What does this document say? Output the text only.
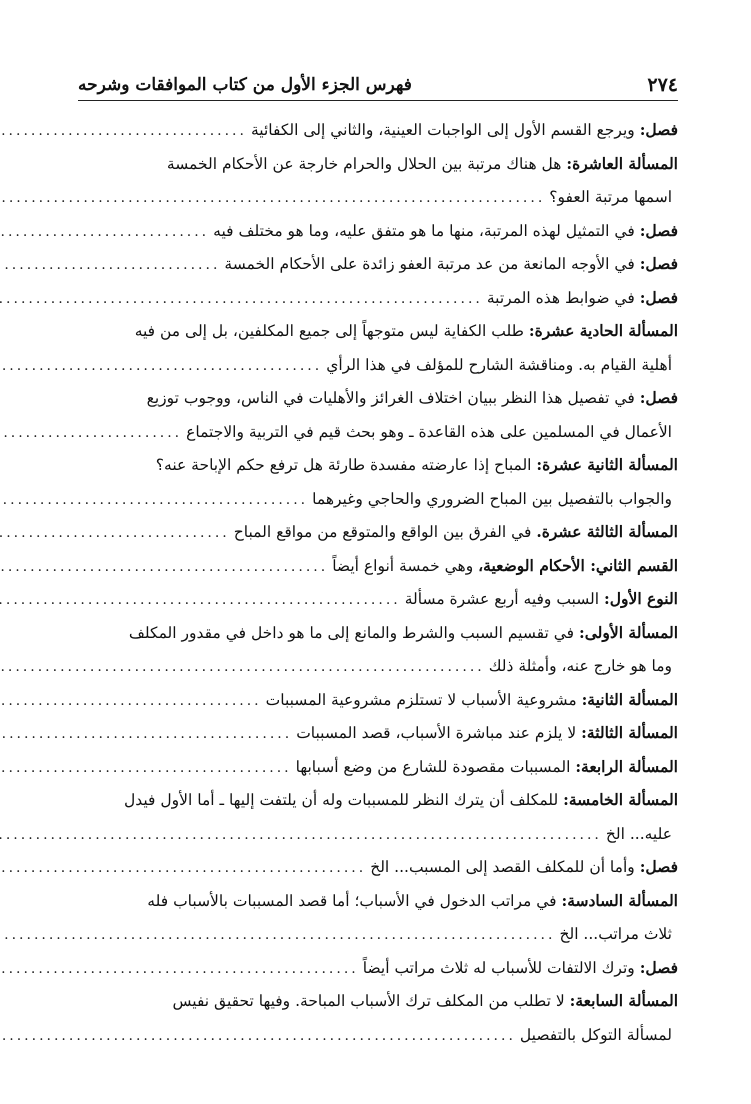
٢٧٤
فهرس الجزء الأول من كتاب الموافقات وشرحه
فصل: ويرجع القسم الأول إلى الواجبات العينية، والثاني إلى الكفائية
.....
المسألة العاشرة: هل هناك مرتبة بين الحلال والحرام خارجة عن الأحكام الخمسة
اسمها مرتبة العفو؟
.....
فصل: في التمثيل لهذه المرتبة، منها ما هو متفق عليه، وما هو مختلف فيه
.....
فصل: في الأوجه المانعة من عد مرتبة العفو زائدة على الأحكام الخمسة
.....
فصل: في ضوابط هذه المرتبة
.....
المسألة الحادية عشرة: طلب الكفاية ليس متوجهاً إلى جميع المكلفين، بل إلى من فيه
أهلية القيام به. ومناقشة الشارح للمؤلف في هذا الرأي
.....
فصل: في تفصيل هذا النظر ببيان اختلاف الغرائز والأهليات في الناس، ووجوب توزيع
الأعمال في المسلمين على هذه القاعدة ـ وهو بحث قيم في التربية والاجتماع
.....
المسألة الثانية عشرة: المباح إذا عارضته مفسدة طارئة هل ترفع حكم الإباحة عنه؟
والجواب بالتفصيل بين المباح الضروري والحاجي وغيرهما
.....
المسألة الثالثة عشرة. في الفرق بين الواقع والمتوقع من مواقع المباح
.....
القسم الثاني: الأحكام الوضعية، وهي خمسة أنواع أيضاً
.....
النوع الأول: السبب وفيه أربع عشرة مسألة
.....
المسألة الأولى: في تقسيم السبب والشرط والمانع إلى ما هو داخل في مقدور المكلف
وما هو خارج عنه، وأمثلة ذلك
.....
المسألة الثانية: مشروعية الأسباب لا تستلزم مشروعية المسببات
.....
المسألة الثالثة: لا يلزم عند مباشرة الأسباب، قصد المسببات
.....
المسألة الرابعة: المسببات مقصودة للشارع من وضع أسبابها
.....
المسألة الخامسة: للمكلف أن يترك النظر للمسببات وله أن يلتفت إليها ـ أما الأول فيدل
عليه... الخ
.....
فصل: وأما أن للمكلف القصد إلى المسبب... الخ
.....
المسألة السادسة: في مراتب الدخول في الأسباب؛ أما قصد المسببات بالأسباب فله
ثلاث مراتب... الخ
.....
فصل: وترك الالتفات للأسباب له ثلاث مراتب أيضاً
.....
المسألة السابعة: لا تطلب من المكلف ترك الأسباب المباحة. وفيها تحقيق نفيس
لمسألة التوكل بالتفصيل
.....
